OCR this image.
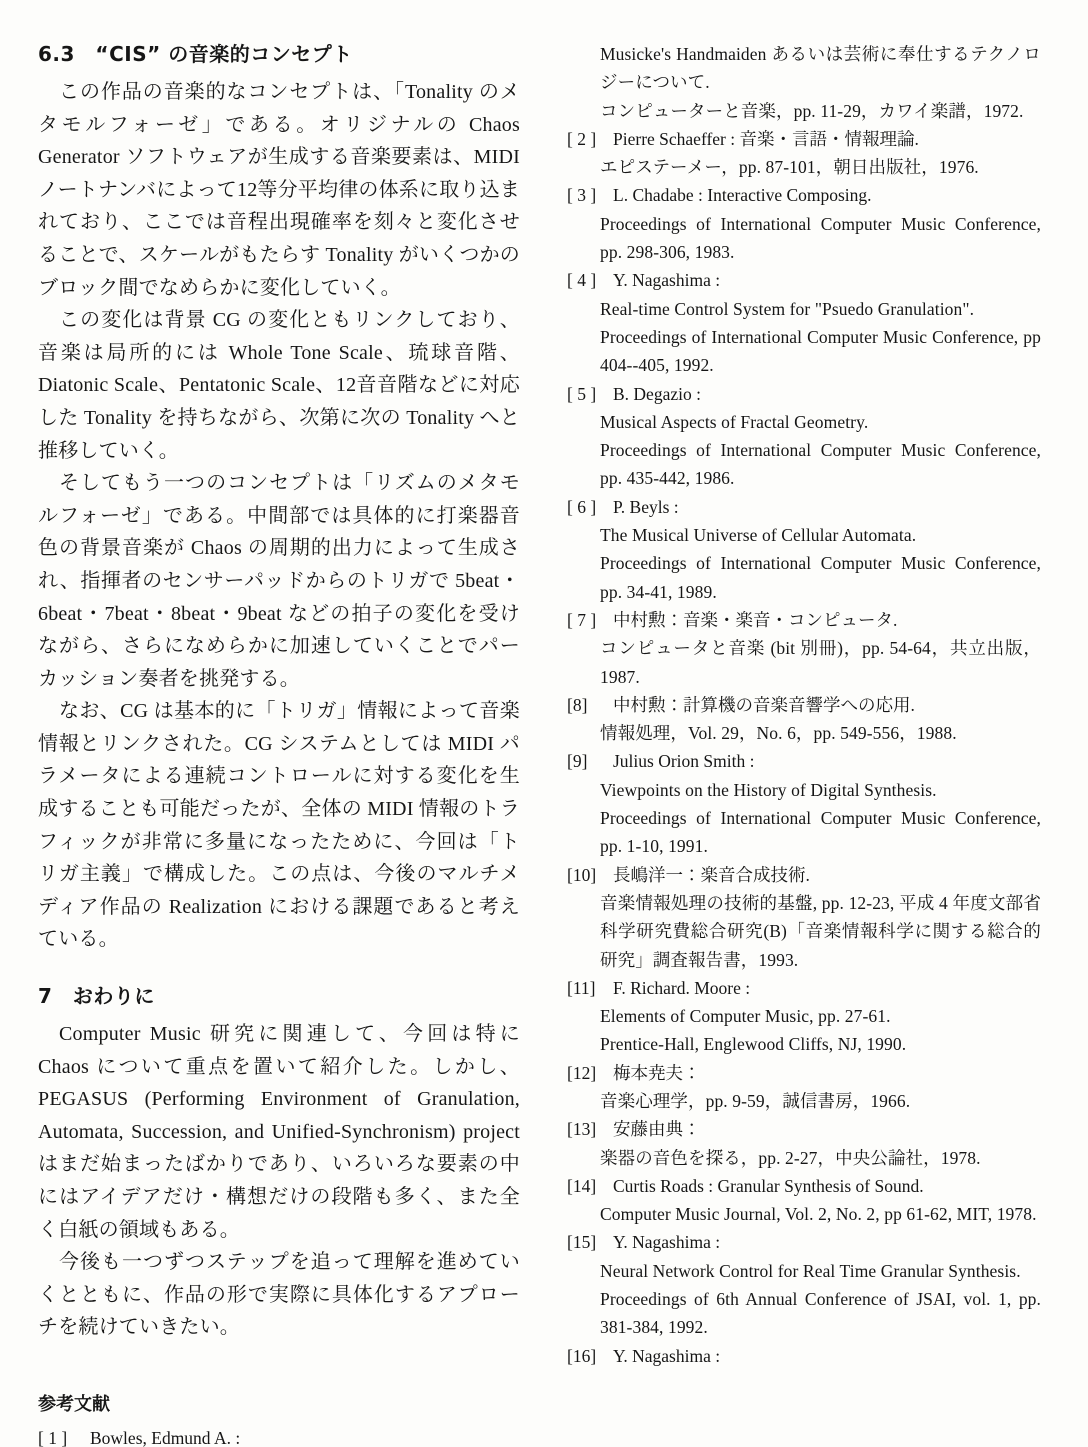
6.3　“CIS” の音楽的コンセプト

この作品の音楽的なコンセプトは、「Tonality のメタモルフォーゼ」である。オリジナルの Chaos Generator ソフトウェアが生成する音楽要素は、MIDI ノートナンバによって12等分平均律の体系に取り込まれており、ここでは音程出現確率を刻々と変化させることで、スケールがもたらす Tonality がいくつかのブロック間でなめらかに変化していく。

この変化は背景 CG の変化ともリンクしており、音楽は局所的には Whole Tone Scale、琉球音階、Diatonic Scale、Pentatonic Scale、12音音階などに対応した Tonality を持ちながら、次第に次の Tonality へと推移していく。

そしてもう一つのコンセプトは「リズムのメタモルフォーゼ」である。中間部では具体的に打楽器音色の背景音楽が Chaos の周期的出力によって生成され、指揮者のセンサーパッドからのトリガで 5beat・6beat・7beat・8beat・9beat などの拍子の変化を受けながら、さらになめらかに加速していくことでパーカッション奏者を挑発する。

なお、CG は基本的に「トリガ」情報によって音楽情報とリンクされた。CG システムとしては MIDI パラメータによる連続コントロールに対する変化を生成することも可能だったが、全体の MIDI 情報のトラフィックが非常に多量になったために、今回は「トリガ主義」で構成した。この点は、今後のマルチメディア作品の Realization における課題であると考えている。

7　おわりに

Computer Music 研究に関連して、今回は特に Chaos について重点を置いて紹介した。しかし、PEGASUS (Performing Environment of Granulation, Automata, Succession, and Unified-Synchronism) project はまだ始まったばかりであり、いろいろな要素の中にはアイデアだけ・構想だけの段階も多く、また全く白紙の領域もある。

今後も一つずつステップを追って理解を進めていくとともに、作品の形で実際に具体化するアプローチを続けていきたい。

参考文献

[ 1 ] Bowles, Edmund A. :

Musicke's Handmaiden あるいは芸術に奉仕するテクノロジーについて.

コンピューターと音楽，pp. 11-29，カワイ楽譜，1972.

[ 2 ] Pierre Schaeffer : 音楽・言語・情報理論.

エピステーメー，pp. 87-101，朝日出版社，1976.

[ 3 ] L. Chadabe : Interactive Composing.

Proceedings of International Computer Music Conference, pp. 298-306, 1983.

[ 4 ] Y. Nagashima :

Real-time Control System for "Psuedo Granulation".

Proceedings of International Computer Music Conference, pp 404--405, 1992.

[ 5 ] B. Degazio :

Musical Aspects of Fractal Geometry.

Proceedings of International Computer Music Conference, pp. 435-442, 1986.

[ 6 ] P. Beyls :

The Musical Universe of Cellular Automata.

Proceedings of International Computer Music Conference, pp. 34-41, 1989.

[ 7 ] 中村勲：音楽・楽音・コンピュータ.

コンピュータと音楽 (bit 別冊)，pp. 54-64，共立出版，1987.

[8]	中村勲：計算機の音楽音響学への応用.

情報処理，Vol. 29，No. 6，pp. 549-556，1988.

[9]	Julius Orion Smith :

Viewpoints on the History of Digital Synthesis.

Proceedings of International Computer Music Conference, pp. 1-10, 1991.

[10] 長嶋洋一：楽音合成技術.

音楽情報処理の技術的基盤, pp. 12-23, 平成 4 年度文部省科学研究費総合研究(B)「音楽情報科学に関する総合的研究」調査報告書，1993.

[11] F. Richard. Moore :

Elements of Computer Music, pp. 27-61.

Prentice-Hall, Englewood Cliffs, NJ, 1990.

[12] 梅本尭夫：

音楽心理学，pp. 9-59，誠信書房，1966.

[13] 安藤由典：

楽器の音色を探る，pp. 2-27，中央公論社，1978.

[14] Curtis Roads : Granular Synthesis of Sound.

Computer Music Journal, Vol. 2, No. 2, pp 61-62, MIT, 1978.

[15] Y. Nagashima :

Neural Network Control for Real Time Granular Synthesis.

Proceedings of 6th Annual Conference of JSAI, vol. 1, pp. 381-384, 1992.

[16] Y. Nagashima :
